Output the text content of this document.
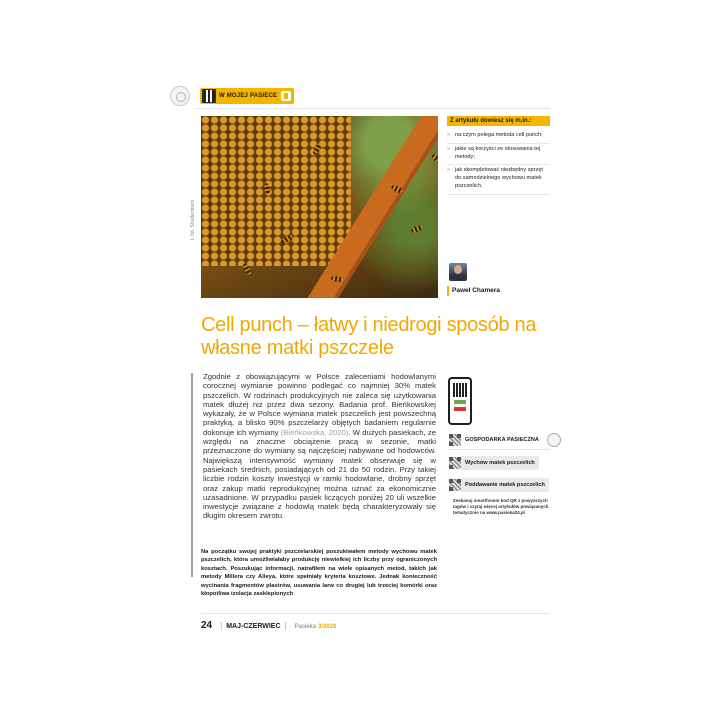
W MOJEJ PASIECE
t. fot. Shutterstock
Z artykułu dowiesz się m.in.:
» na czym polega metoda cell punch;
» jakie są korzyści ze stosowania tej metody;
» jak skompletować niezbędny sprzęt do samodzielnego wychowu matek pszczelich.
Paweł Chamera
Cell punch – łatwy i niedrogi sposób na własne matki pszczele
Zgodnie z obowiązującymi w Polsce zaleceniami hodowlanymi corocznej wymianie powinno podlegać co najmniej 30% matek pszczelich. W rodzinach produkcyjnych nie zaleca się użytkowania matek dłużej niż przez dwa sezony. Badania prof. Bieńkowskiej wykazały, że w Polsce wymiana matek pszczelich jest powszechną praktyką, a blisko 90% pszczelarzy objętych badaniem regularnie dokonuje ich wymiany (Bieńkowska, 2020). W dużych pasiekach, ze względu na znaczne obciążenie pracą w sezonie, matki przeznaczone do wymiany są najczęściej nabywane od hodowców. Największą intensywność wymiany matek obserwuje się w pasiekach średnich, posiadających od 21 do 50 rodzin. Przy takiej liczbie rodzin koszty inwestycji w ramki hodowlane, drobny sprzęt oraz zakup matki reprodukcyjnej można uznać za ekonomicznie uzasadnione. W przypadku pasiek liczących poniżej 20 uli wszelkie inwestycje związane z hodowlą matek będą charakteryzowały się długim okresem zwrotu.
Na początku swojej praktyki pszczelarskiej poszukiwałem metody wychowu matek pszczelich, która umożliwiałaby produkcję niewielkiej ich liczby przy ograniczonych kosztach. Poszukując informacji, natrafiłem na wiele opisanych metod, takich jak metody Millera czy Alleya, które spełniały kryteria kosztowe. Jednak konieczność wycinania fragmentów plastrów, usuwania larw co drugiej lub trzeciej komórki oraz kłopotliwa izolacja zasklepionych
GOSPODARKA PASIECZNA
Wychów matek pszczelich
Poddawanie matek pszczelich
Zeskanuj smartfonem kod QR z powyższych tagów i czytaj więcej artykułów powiązanych tematycznie na www.pasieka24.pl
24 | MAJ-CZERWIEC | Pasieka 3/2026
